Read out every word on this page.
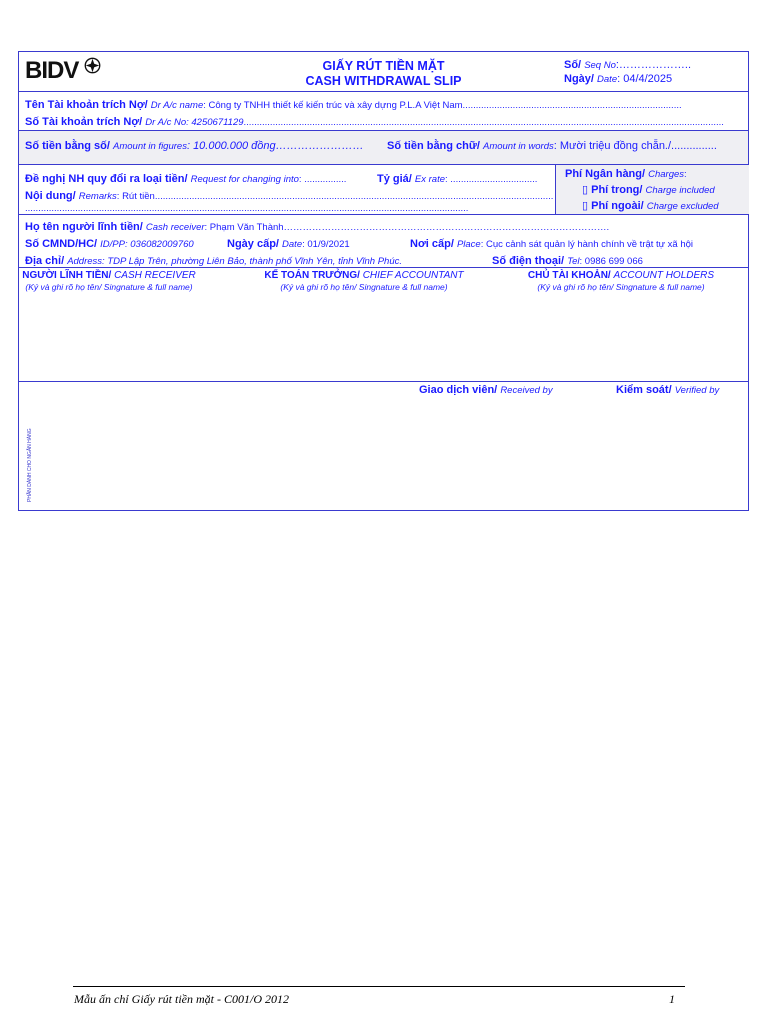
BIDV	GIẤY RÚT TIỀN MẶT
CASH WITHDRAWAL SLIP
Số/ Seq No:………………..
Ngày/ Date: 04/4/2025
Tên Tài khoản trích Nợ/ Dr A/c name: Công ty TNHH thiết kế kiến trúc và xây dựng P.L.A Việt Nam...................................................................................
Số Tài khoản trích Nợ/ Dr A/c No: 4250671129......................................................................................................................................................................................
Số tiền bằng số/ Amount in figures: 10.000.000 đồng…………………… Số tiền bằng chữ/ Amount in words: Mười triệu đồng chẵn./...............
Đề nghị NH quy đổi ra loại tiền/ Request for changing into: ................	Tỷ giá/ Ex rate: .................................
Nội dung/ Remarks: Rút tiền.......................................................................................................................................................
........................................................................................................................................................................
Phí Ngân hàng/ Charges:
▯ Phí trong/ Charge included
▯ Phí ngoài/ Charge excluded
Họ tên người lĩnh tiền/ Cash receiver: Phạm Văn Thành………………………………………………………………………………………….
Số CMND/HC/ ID/PP: 036082009760	Ngày cấp/ Date: 01/9/2021	Nơi cấp/ Place: Cục cảnh sát quản lý hành chính về trật tự xã hội
Địa chỉ/ Address: TDP Lập Trên, phường Liên Bảo, thành phố Vĩnh Yên, tỉnh Vĩnh Phúc.	Số điện thoại/ Tel: 0986 699 066
NGƯỜI LĨNH TIỀN/ CASH RECEIVER
(Ký và ghi rõ họ tên/ Singnature & full name)
KẾ TOÁN TRƯỞNG/ CHIEF ACCOUNTANT
(Ký và ghi rõ họ tên/ Singnature & full name)
CHỦ TÀI KHOẢN/ ACCOUNT HOLDERS
(Ký và ghi rõ họ tên/ Singnature & full name)
PHẦN DÀNH CHO NGÂN HÀNG
Giao dịch viên/ Received by	Kiểm soát/ Verified by
Mẫu ấn chỉ Giấy rút tiền mặt - C001/O 2012	1
